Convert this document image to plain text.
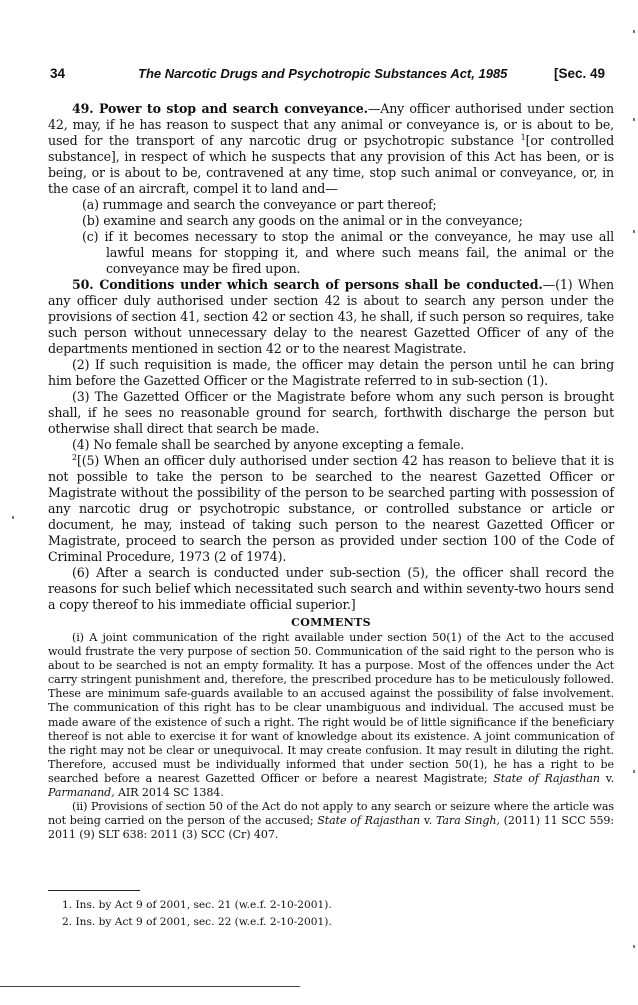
34	The Narcotic Drugs and Psychotropic Substances Act, 1985	[Sec. 49

49. Power to stop and search conveyance.—Any officer authorised under section 42, may, if he has reason to suspect that any animal or conveyance is, or is about to be, used for the transport of any narcotic drug or psychotropic substance $^1$[or controlled substance], in respect of which he suspects that any provision of this Act has been, or is being, or is about to be, contravened at any time, stop such animal or conveyance, or, in the case of an aircraft, compel it to land and—

(a) rummage and search the conveyance or part thereof;

(b) examine and search any goods on the animal or in the conveyance;

(c) if it becomes necessary to stop the animal or the conveyance, he may use all lawful means for stopping it, and where such means fail, the animal or the conveyance may be fired upon.

50. Conditions under which search of persons shall be conducted.—(1) When any officer duly authorised under section 42 is about to search any person under the provisions of section 41, section 42 or section 43, he shall, if such person so requires, take such person without unnecessary delay to the nearest Gazetted Officer of any of the departments mentioned in section 42 or to the nearest Magistrate.

(2) If such requisition is made, the officer may detain the person until he can bring him before the Gazetted Officer or the Magistrate referred to in sub-section (1).

(3) The Gazetted Officer or the Magistrate before whom any such person is brought shall, if he sees no reasonable ground for search, forthwith discharge the person but otherwise shall direct that search be made.

(4) No female shall be searched by anyone excepting a female.

$^2$[(5) When an officer duly authorised under section 42 has reason to believe that it is not possible to take the person to be searched to the nearest Gazetted Officer or Magistrate without the possibility of the person to be searched parting with possession of any narcotic drug or psychotropic substance, or controlled substance or article or document, he may, instead of taking such person to the nearest Gazetted Officer or Magistrate, proceed to search the person as provided under section 100 of the Code of Criminal Procedure, 1973 (2 of 1974).

(6) After a search is conducted under sub-section (5), the officer shall record the reasons for such belief which necessitated such search and within seventy-two hours send a copy thereof to his immediate official superior.]

COMMENTS

(i) A joint communication of the right available under section 50(1) of the Act to the accused would frustrate the very purpose of section 50. Communication of the said right to the person who is about to be searched is not an empty formality. It has a purpose. Most of the offences under the Act carry stringent punishment and, therefore, the prescribed procedure has to be meticulously followed. These are minimum safe-guards available to an accused against the possibility of false involvement. The communication of this right has to be clear unambiguous and individual. The accused must be made aware of the existence of such a right. The right would be of little significance if the beneficiary thereof is not able to exercise it for want of knowledge about its existence. A joint communication of the right may not be clear or unequivocal. It may create confusion. It may result in diluting the right. Therefore, accused must be individually informed that under section 50(1), he has a right to be searched before a nearest Gazetted Officer or before a nearest Magistrate; State of Rajasthan v. Parmanand, AIR 2014 SC 1384.

(ii) Provisions of section 50 of the Act do not apply to any search or seizure where the article was not being carried on the person of the accused; State of Rajasthan v. Tara Singh, (2011) 11 SCC 559: 2011 (9) SLT 638: 2011 (3) SCC (Cr) 407.

1. Ins. by Act 9 of 2001, sec. 21 (w.e.f. 2-10-2001).
2. Ins. by Act 9 of 2001, sec. 22 (w.e.f. 2-10-2001).
